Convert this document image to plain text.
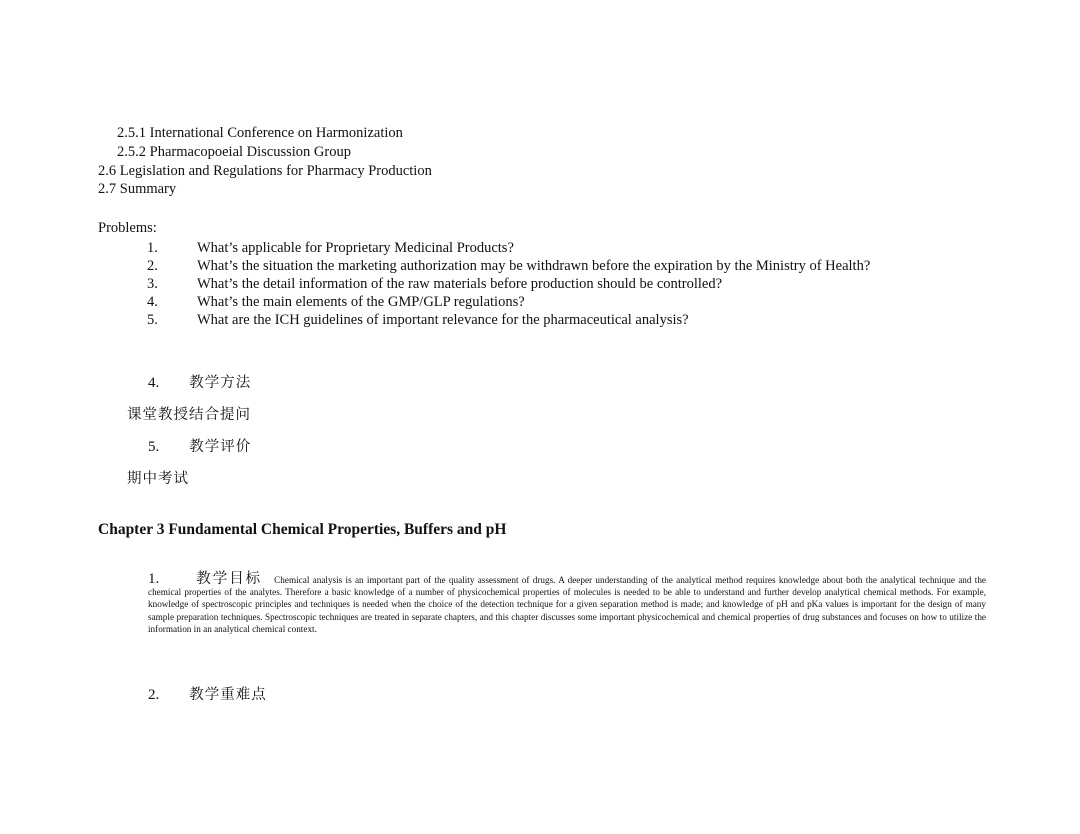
2.5.1 International Conference on Harmonization
2.5.2 Pharmacopoeial Discussion Group
2.6 Legislation and Regulations for Pharmacy Production
2.7 Summary
Problems:
1.	What’s applicable for Proprietary Medicinal Products?
2.	What’s the situation the marketing authorization may be withdrawn before the expiration by the Ministry of Health?
3.	What’s the detail information of the raw materials before production should be controlled?
4.	What’s the main elements of the GMP/GLP regulations?
5.	What are the ICH guidelines of important relevance for the pharmaceutical analysis?
4. 教学方法
课堂教授结合提问
5. 教学评价
期中考试
Chapter 3 Fundamental Chemical Properties, Buffers and pH
1. 教学目标 Chemical analysis is an important part of the quality assessment of drugs. A deeper understanding of the analytical method requires knowledge about both the analytical technique and the chemical properties of the analytes. Therefore a basic knowledge of a number of physicochemical properties of molecules is needed to be able to understand and further develop analytical chemical methods. For example, knowledge of spectroscopic principles and techniques is needed when the choice of the detection technique for a given separation method is made; and knowledge of pH and pKa values is important for the design of many sample preparation techniques. Spectroscopic techniques are treated in separate chapters, and this chapter discusses some important physicochemical and chemical properties of drug substances and focuses on how to utilize the information in an analytical chemical context.
2. 教学重难点
